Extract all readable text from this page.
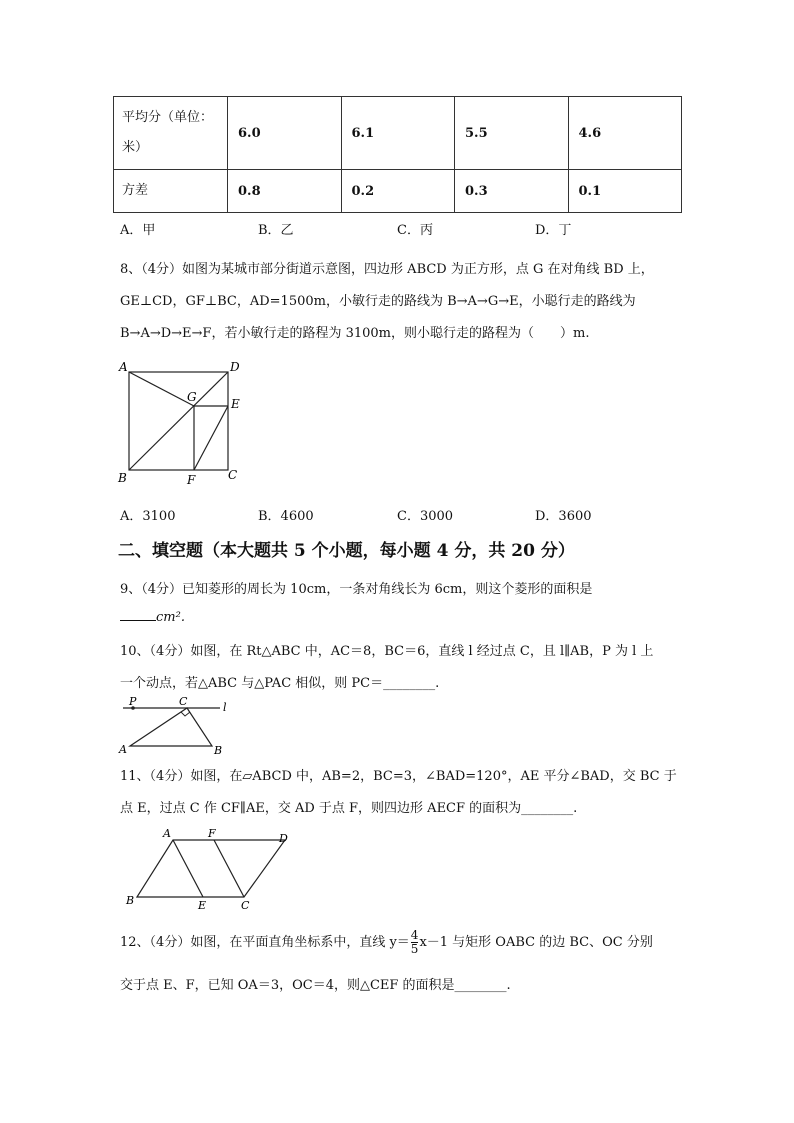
平均分（单位：米）	6.0	6.1	5.5	4.6
方差	0.8	0.2	0.3	0.1
A．甲	B．乙	C．丙	D．丁
8、（4分）如图为某城市部分街道示意图，四边形 ABCD 为正方形，点 G 在对角线 BD 上，
GE⊥CD，GF⊥BC，AD=1500m，小敏行走的路线为 B→A→G→E，小聪行走的路线为
B→A→D→E→F，若小敏行走的路程为 3100m，则小聪行走的路程为（　　）m.
A	D
G	E
B	F	C
A．3100	B．4600	C．3000	D．3600
二、填空题（本大题共 5 个小题，每小题 4 分，共 20 分）
9、（4分）已知菱形的周长为 10cm，一条对角线长为 6cm，则这个菱形的面积是
cm².
10、（4分）如图，在 Rt△ABC 中，AC＝8，BC＝6，直线 l 经过点 C，且 l∥AB，P 为 l 上
一个动点，若△ABC 与△PAC 相似，则 PC＝________.
P	C	l
A	B
11、（4分）如图，在▱ABCD 中，AB=2，BC=3，∠BAD=120°，AE 平分∠BAD，交 BC 于
点 E，过点 C 作 CF∥AE，交 AD 于点 F，则四边形 AECF 的面积为________.
A	F	D
B	E	C
12、（4分）如图，在平面直角坐标系中，直线 $y= \frac{4}{5} x-1$ 与矩形 OABC 的边 BC、OC 分别
交于点 E、F，已知 OA＝3，OC＝4，则△CEF 的面积是________.
